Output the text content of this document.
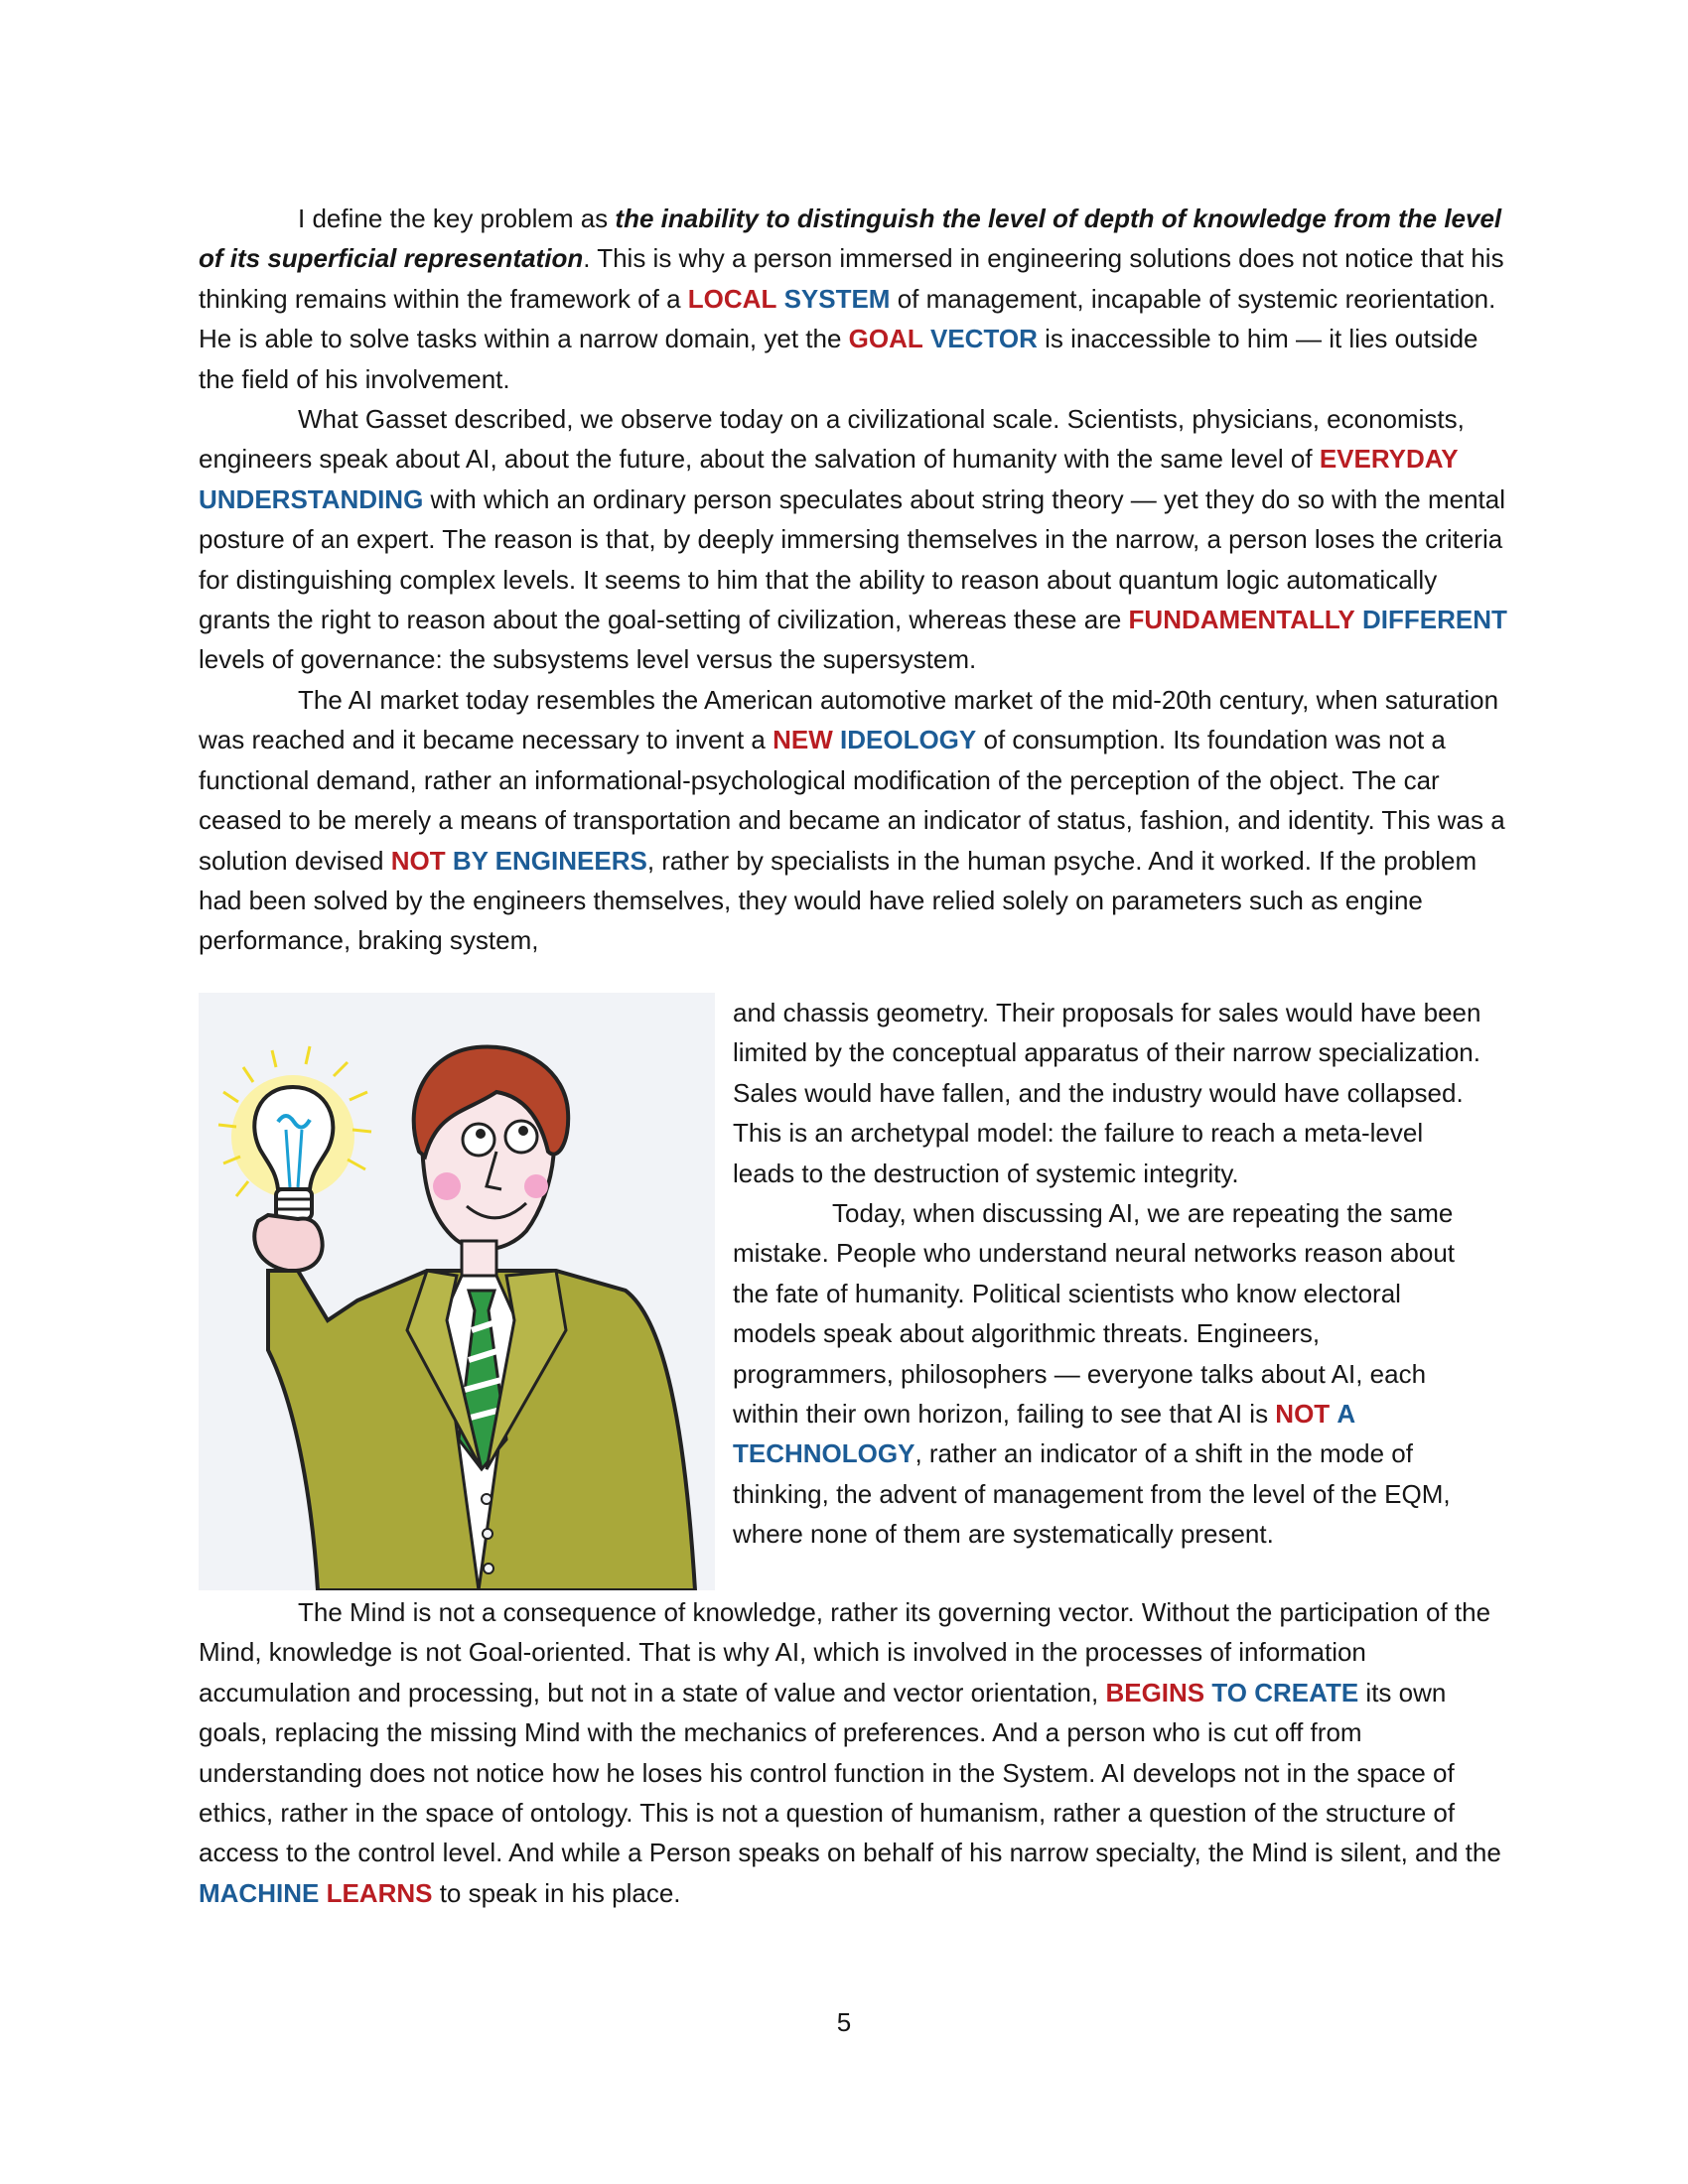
I define the key problem as the inability to distinguish the level of depth of knowledge from the level of its superficial representation. This is why a person immersed in engineering solutions does not notice that his thinking remains within the framework of a LOCAL SYSTEM of management, incapable of systemic reorientation. He is able to solve tasks within a narrow domain, yet the GOAL VECTOR is inaccessible to him — it lies outside the field of his involvement.
What Gasset described, we observe today on a civilizational scale. Scientists, physicians, economists, engineers speak about AI, about the future, about the salvation of humanity with the same level of EVERYDAY UNDERSTANDING with which an ordinary person speculates about string theory — yet they do so with the mental posture of an expert. The reason is that, by deeply immersing themselves in the narrow, a person loses the criteria for distinguishing complex levels. It seems to him that the ability to reason about quantum logic automatically grants the right to reason about the goal-setting of civilization, whereas these are FUNDAMENTALLY DIFFERENT levels of governance: the subsystems level versus the supersystem.
The AI market today resembles the American automotive market of the mid-20th century, when saturation was reached and it became necessary to invent a NEW IDEOLOGY of consumption. Its foundation was not a functional demand, rather an informational-psychological modification of the perception of the object. The car ceased to be merely a means of transportation and became an indicator of status, fashion, and identity. This was a solution devised NOT BY ENGINEERS, rather by specialists in the human psyche. And it worked. If the problem had been solved by the engineers themselves, they would have relied solely on parameters such as engine performance, braking system,
and chassis geometry. Their proposals for sales would have been limited by the conceptual apparatus of their narrow specialization. Sales would have fallen, and the industry would have collapsed. This is an archetypal model: the failure to reach a meta-level leads to the destruction of systemic integrity.
Today, when discussing AI, we are repeating the same mistake. People who understand neural networks reason about the fate of humanity. Political scientists who know electoral models speak about algorithmic threats. Engineers, programmers, philosophers — everyone talks about AI, each within their own horizon, failing to see that AI is NOT A TECHNOLOGY, rather an indicator of a shift in the mode of thinking, the advent of management from the level of the EQM, where none of them are systematically present.
The Mind is not a consequence of knowledge, rather its governing vector. Without the participation of the Mind, knowledge is not Goal-oriented. That is why AI, which is involved in the processes of information accumulation and processing, but not in a state of value and vector orientation, BEGINS TO CREATE its own goals, replacing the missing Mind with the mechanics of preferences. And a person who is cut off from understanding does not notice how he loses his control function in the System. AI develops not in the space of ethics, rather in the space of ontology. This is not a question of humanism, rather a question of the structure of access to the control level. And while a Person speaks on behalf of his narrow specialty, the Mind is silent, and the MACHINE LEARNS to speak in his place.
5
